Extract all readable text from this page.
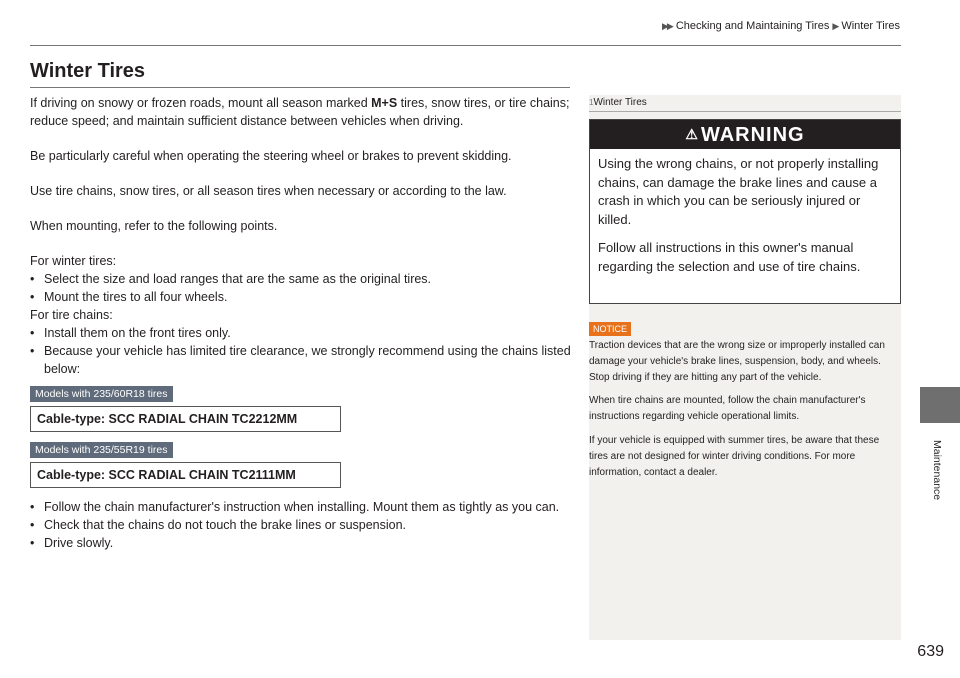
▶▶ Checking and Maintaining Tires ▶ Winter Tires
Winter Tires

If driving on snowy or frozen roads, mount all season marked M+S tires, snow tires, or tire chains; reduce speed; and maintain sufficient distance between vehicles when driving.

Be particularly careful when operating the steering wheel or brakes to prevent skidding.

Use tire chains, snow tires, or all season tires when necessary or according to the law.

When mounting, refer to the following points.

For winter tires:
• Select the size and load ranges that are the same as the original tires.
• Mount the tires to all four wheels.
For tire chains:
• Install them on the front tires only.
• Because your vehicle has limited tire clearance, we strongly recommend using the chains listed below:
Models with 235/60R18 tires
Cable-type: SCC RADIAL CHAIN TC2212MM
Models with 235/55R19 tires
Cable-type: SCC RADIAL CHAIN TC2111MM
• Follow the chain manufacturer's instruction when installing. Mount them as tightly as you can.
• Check that the chains do not touch the brake lines or suspension.
• Drive slowly.
1Winter Tires
⚠ WARNING

Using the wrong chains, or not properly installing chains, can damage the brake lines and cause a crash in which you can be seriously injured or killed.

Follow all instructions in this owner's manual regarding the selection and use of tire chains.

NOTICE

Traction devices that are the wrong size or improperly installed can damage your vehicle's brake lines, suspension, body, and wheels. Stop driving if they are hitting any part of the vehicle.

When tire chains are mounted, follow the chain manufacturer's instructions regarding vehicle operational limits.

If your vehicle is equipped with summer tires, be aware that these tires are not designed for winter driving conditions. For more information, contact a dealer.	Maintenance
639
